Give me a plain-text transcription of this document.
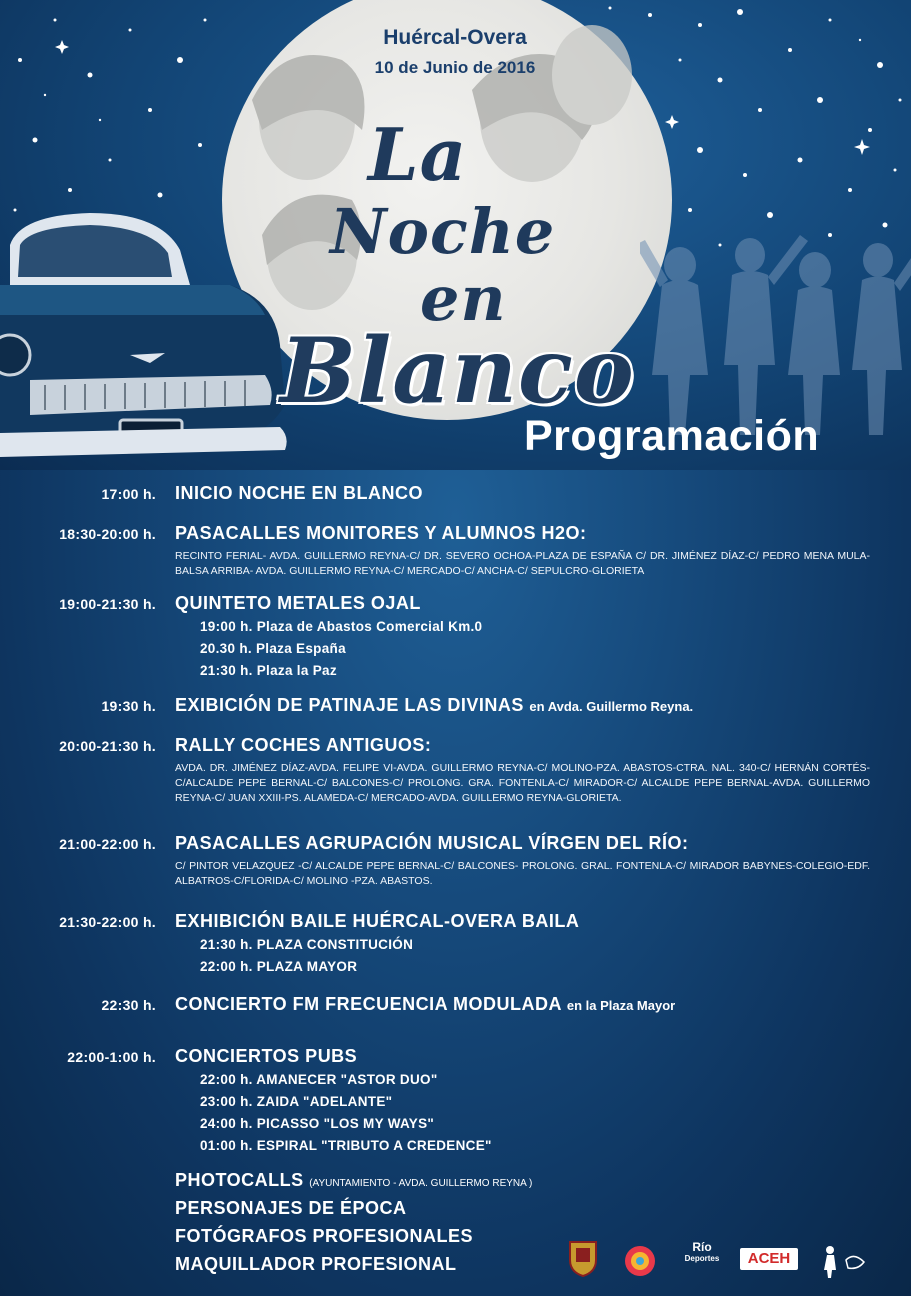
Huércal-Overa
10 de Junio de 2016
La
Noche
en
Blanco
Programación
17:00 h. INICIO NOCHE EN BLANCO
18:30-20:00 h. PASACALLES MONITORES Y ALUMNOS H2O:
RECINTO FERIAL- AVDA. GUILLERMO REYNA-C/ DR. SEVERO OCHOA-PLAZA DE ESPAÑA C/ DR. JIMÉNEZ DÍAZ-C/ PEDRO MENA MULA-BALSA ARRIBA- AVDA. GUILLERMO REYNA-C/ MERCADO-C/ ANCHA-C/ SEPULCRO-GLORIETA
19:00-21:30 h. QUINTETO METALES OJAL
19:00 h. Plaza de Abastos Comercial Km.0
20.30 h. Plaza España
21:30 h. Plaza la Paz
19:30 h. EXIBICIÓN DE PATINAJE LAS DIVINAS en Avda. Guillermo Reyna.
20:00-21:30 h. RALLY COCHES ANTIGUOS:
AVDA. DR. JIMÉNEZ DÍAZ-AVDA. FELIPE VI-AVDA. GUILLERMO REYNA-C/ MOLINO-PZA. ABASTOS-CTRA. NAL. 340-C/ HERNÁN CORTÉS-C/ALCALDE PEPE BERNAL-C/ BALCONES-C/ PROLONG. GRA. FONTENLA-C/ MIRADOR-C/ ALCALDE PEPE BERNAL-AVDA. GUILLERMO REYNA-C/ JUAN XXIII-PS. ALAMEDA-C/ MERCADO-AVDA. GUILLERMO REYNA-GLORIETA.
21:00-22:00 h. PASACALLES AGRUPACIÓN MUSICAL VÍRGEN DEL RÍO:
C/ PINTOR VELAZQUEZ -C/ ALCALDE PEPE BERNAL-C/ BALCONES- PROLONG. GRAL. FONTENLA-C/ MIRADOR BABYNES-COLEGIO-EDF. ALBATROS-C/FLORIDA-C/ MOLINO -PZA. ABASTOS.
21:30-22:00 h. EXHIBICIÓN BAILE HUÉRCAL-OVERA BAILA
21:30 h. PLAZA CONSTITUCIÓN
22:00 h. PLAZA MAYOR
22:30 h. CONCIERTO FM FRECUENCIA MODULADA en la Plaza Mayor
22:00-1:00 h. CONCIERTOS PUBS
22:00 h. AMANECER "ASTOR DUO"
23:00 h. ZAIDA "ADELANTE"
24:00 h. PICASSO "LOS MY WAYS"
01:00 h. ESPIRAL "TRIBUTO A CREDENCE"
PHOTOCALLS (AYUNTAMIENTO - AVDA. GUILLERMO REYNA )
PERSONAJES DE ÉPOCA
FOTÓGRAFOS PROFESIONALES
MAQUILLADOR PROFESIONAL
Río
Deportes	ACEH
